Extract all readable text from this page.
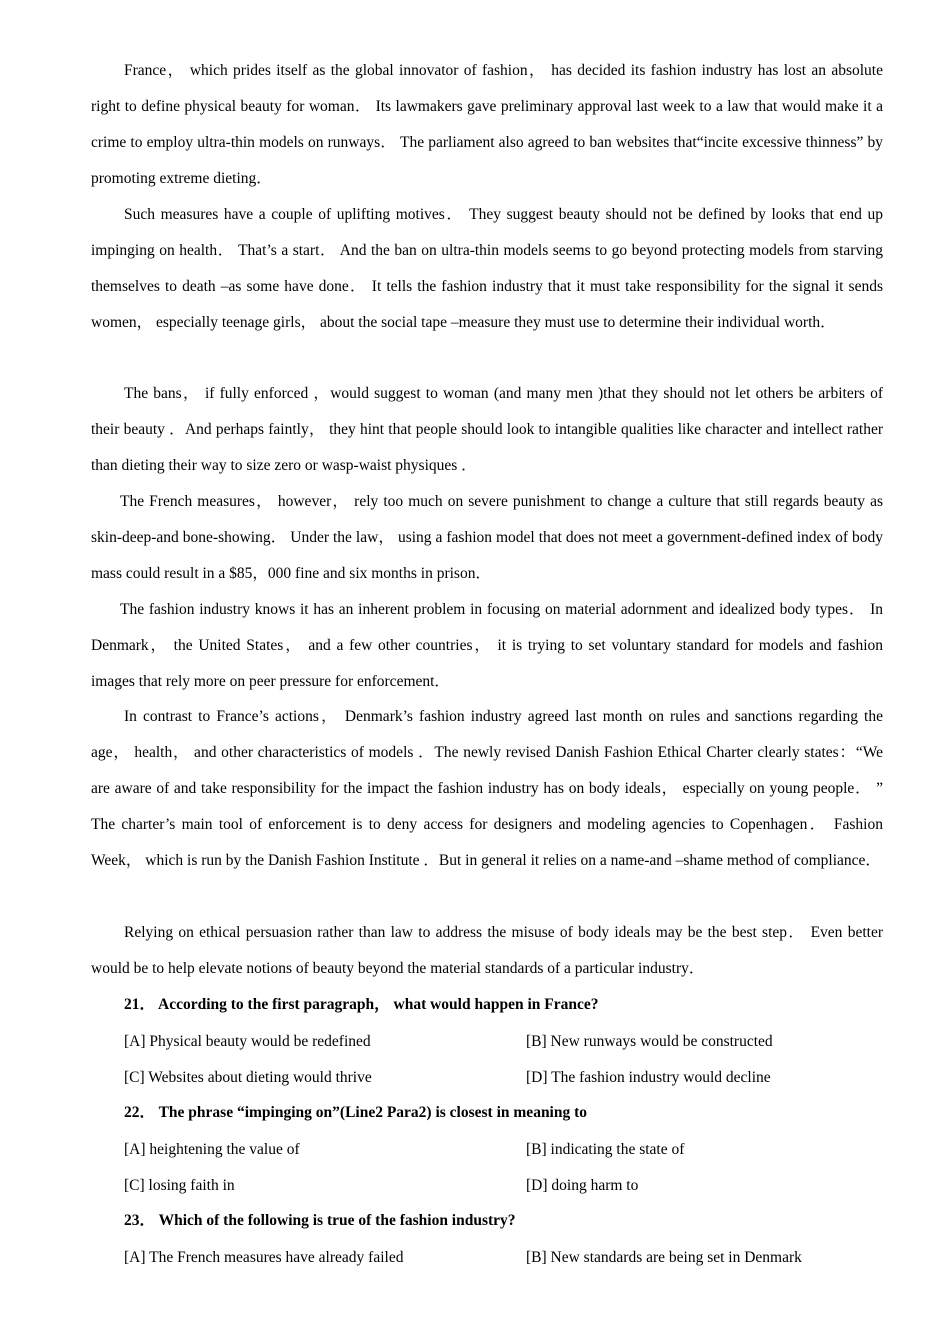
France， which prides itself as the global innovator of fashion， has decided its fashion industry has lost an absolute right to define physical beauty for woman． Its lawmakers gave preliminary approval last week to a law that would make it a crime to employ ultra-thin models on runways． The parliament also agreed to ban websites that“incite excessive thinness” by promoting extreme dieting．

Such measures have a couple of uplifting motives． They suggest beauty should not be defined by looks that end up impinging on health． That’s a start． And the ban on ultra-thin models seems to go beyond protecting models from starving themselves to death –as some have done． It tells the fashion industry that it must take responsibility for the signal it sends women， especially teenage girls， about the social tape –measure they must use to determine their individual worth．

The bans， if fully enforced ，would suggest to woman (and many men )that they should not let others be arbiters of their beauty ．And perhaps faintly， they hint that people should look to intangible qualities like character and intellect rather than dieting their way to size zero or wasp-waist physiques ．

The French measures， however， rely too much on severe punishment to change a culture that still regards beauty as skin-deep-and bone-showing． Under the law， using a fashion model that does not meet a government-defined index of body mass could result in a $85，000 fine and six months in prison．

The fashion industry knows it has an inherent problem in focusing on material adornment and idealized body types． In Denmark， the United States， and a few other countries， it is trying to set voluntary standard for models and fashion images that rely more on peer pressure for enforcement．

In contrast to France’s actions， Denmark’s fashion industry agreed last month on rules and sanctions regarding the age， health， and other characteristics of models ．The newly revised Danish Fashion Ethical Charter clearly states：“We are aware of and take responsibility for the impact the fashion industry has on body ideals， especially on young people． ” The charter’s main tool of enforcement is to deny access for designers and modeling agencies to Copenhagen． Fashion Week， which is run by the Danish Fashion Institute ．But in general it relies on a name-and –shame method of compliance．

Relying on ethical persuasion rather than law to address the misuse of body ideals may be the best step． Even better would be to help elevate notions of beauty beyond the material standards of a particular industry．

21． According to the first paragraph， what would happen in France?

[A] Physical beauty would be redefined	[B] New runways would be constructed

[C] Websites about dieting would thrive	[D] The fashion industry would decline

22． The phrase “impinging on”(Line2 Para2) is closest in meaning to

[A] heightening the value of	[B] indicating the state of

[C] losing faith in	[D] doing harm to

23． Which of the following is true of the fashion industry?

[A] The French measures have already failed	[B] New standards are being set in Denmark
